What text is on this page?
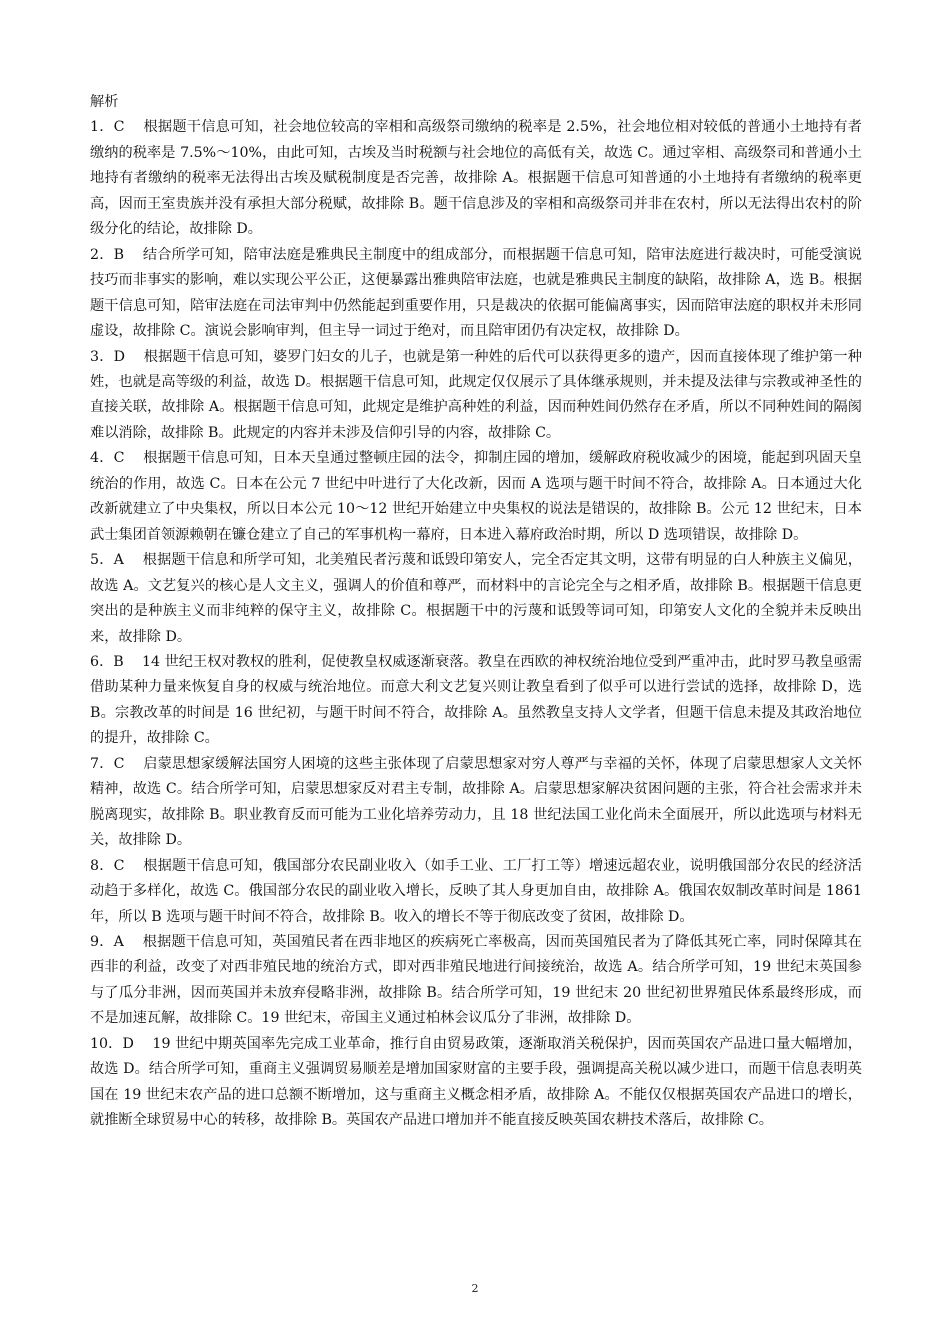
解析

1．C 根据题干信息可知，社会地位较高的宰相和高级祭司缴纳的税率是 2.5%，社会地位相对较低的普通小土地持有者缴纳的税率是 7.5%～10%，由此可知，古埃及当时税额与社会地位的高低有关，故选 C。通过宰相、高级祭司和普通小土地持有者缴纳的税率无法得出古埃及赋税制度是否完善，故排除 A。根据题干信息可知普通的小土地持有者缴纳的税率更高，因而王室贵族并没有承担大部分税赋，故排除 B。题干信息涉及的宰相和高级祭司并非在农村，所以无法得出农村的阶级分化的结论，故排除 D。

2．B 结合所学可知，陪审法庭是雅典民主制度中的组成部分，而根据题干信息可知，陪审法庭进行裁决时，可能受演说技巧而非事实的影响，难以实现公平公正，这便暴露出雅典陪审法庭，也就是雅典民主制度的缺陷，故排除 A，选 B。根据题干信息可知，陪审法庭在司法审判中仍然能起到重要作用，只是裁决的依据可能偏离事实，因而陪审法庭的职权并未形同虚设，故排除 C。演说会影响审判，但主导一词过于绝对，而且陪审团仍有决定权，故排除 D。

3．D 根据题干信息可知，婆罗门妇女的儿子，也就是第一种姓的后代可以获得更多的遗产，因而直接体现了维护第一种姓，也就是高等级的利益，故选 D。根据题干信息可知，此规定仅仅展示了具体继承规则，并未提及法律与宗教或神圣性的直接关联，故排除 A。根据题干信息可知，此规定是维护高种姓的利益，因而种姓间仍然存在矛盾，所以不同种姓间的隔阂难以消除，故排除 B。此规定的内容并未涉及信仰引导的内容，故排除 C。

4．C 根据题干信息可知，日本天皇通过整顿庄园的法令，抑制庄园的增加，缓解政府税收减少的困境，能起到巩固天皇统治的作用，故选 C。日本在公元 7 世纪中叶进行了大化改新，因而 A 选项与题干时间不符合，故排除 A。日本通过大化改新就建立了中央集权，所以日本公元 10～12 世纪开始建立中央集权的说法是错误的，故排除 B。公元 12 世纪末，日本武士集团首领源赖朝在镰仓建立了自己的军事机构一幕府，日本进入幕府政治时期，所以 D 选项错误，故排除 D。

5．A 根据题干信息和所学可知，北美殖民者污蔑和诋毁印第安人，完全否定其文明，这带有明显的白人种族主义偏见，故选 A。文艺复兴的核心是人文主义，强调人的价值和尊严，而材料中的言论完全与之相矛盾，故排除 B。根据题干信息更突出的是种族主义而非纯粹的保守主义，故排除 C。根据题干中的污蔑和诋毁等词可知，印第安人文化的全貌并未反映出来，故排除 D。

6．B 14 世纪王权对教权的胜利，促使教皇权威逐渐衰落。教皇在西欧的神权统治地位受到严重冲击，此时罗马教皇亟需借助某种力量来恢复自身的权威与统治地位。而意大利文艺复兴则让教皇看到了似乎可以进行尝试的选择，故排除 D，选 B。宗教改革的时间是 16 世纪初，与题干时间不符合，故排除 A。虽然教皇支持人文学者，但题干信息未提及其政治地位的提升，故排除 C。

7．C 启蒙思想家缓解法国穷人困境的这些主张体现了启蒙思想家对穷人尊严与幸福的关怀，体现了启蒙思想家人文关怀精神，故选 C。结合所学可知，启蒙思想家反对君主专制，故排除 A。启蒙思想家解决贫困问题的主张，符合社会需求并未脱离现实，故排除 B。职业教育反而可能为工业化培养劳动力，且 18 世纪法国工业化尚未全面展开，所以此选项与材料无关，故排除 D。

8．C 根据题干信息可知，俄国部分农民副业收入（如手工业、工厂打工等）增速远超农业，说明俄国部分农民的经济活动趋于多样化，故选 C。俄国部分农民的副业收入增长，反映了其人身更加自由，故排除 A。俄国农奴制改革时间是 1861 年，所以 B 选项与题干时间不符合，故排除 B。收入的增长不等于彻底改变了贫困，故排除 D。

9．A 根据题干信息可知，英国殖民者在西非地区的疾病死亡率极高，因而英国殖民者为了降低其死亡率，同时保障其在西非的利益，改变了对西非殖民地的统治方式，即对西非殖民地进行间接统治，故选 A。结合所学可知，19 世纪末英国参与了瓜分非洲，因而英国并未放弃侵略非洲，故排除 B。结合所学可知，19 世纪末 20 世纪初世界殖民体系最终形成，而不是加速瓦解，故排除 C。19 世纪末，帝国主义通过柏林会议瓜分了非洲，故排除 D。

10．D 19 世纪中期英国率先完成工业革命，推行自由贸易政策，逐渐取消关税保护，因而英国农产品进口量大幅增加，故选 D。结合所学可知，重商主义强调贸易顺差是增加国家财富的主要手段，强调提高关税以减少进口，而题干信息表明英国在 19 世纪末农产品的进口总额不断增加，这与重商主义概念相矛盾，故排除 A。不能仅仅根据英国农产品进口的增长，就推断全球贸易中心的转移，故排除 B。英国农产品进口增加并不能直接反映英国农耕技术落后，故排除 C。

2
